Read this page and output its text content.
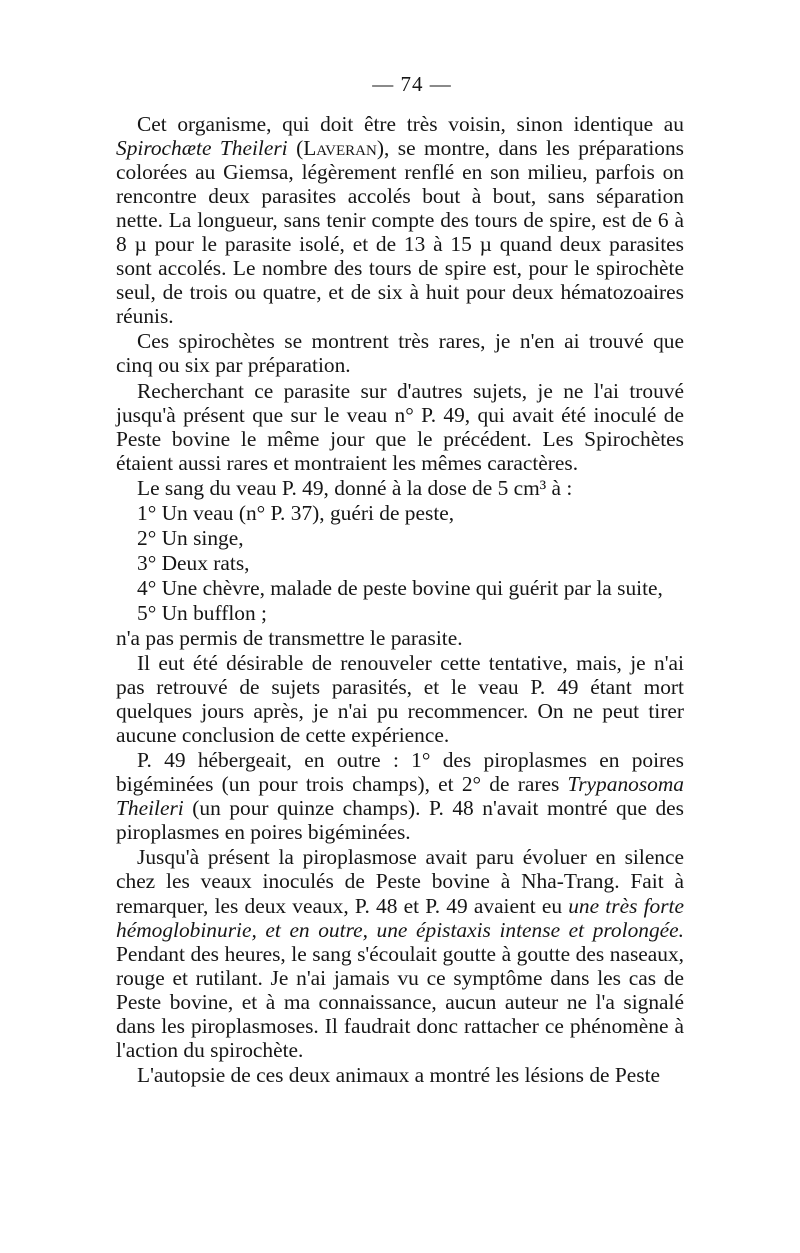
— 74 —

Cet organisme, qui doit être très voisin, sinon identique au Spirochæte Theileri (Laveran), se montre, dans les préparations colorées au Giemsa, légèrement renflé en son milieu, parfois on rencontre deux parasites accolés bout à bout, sans séparation nette. La longueur, sans tenir compte des tours de spire, est de 6 à 8 µ pour le parasite isolé, et de 13 à 15 µ quand deux parasites sont accolés. Le nombre des tours de spire est, pour le spirochète seul, de trois ou quatre, et de six à huit pour deux hématozoaires réunis.

Ces spirochètes se montrent très rares, je n'en ai trouvé que cinq ou six par préparation.

Recherchant ce parasite sur d'autres sujets, je ne l'ai trouvé jusqu'à présent que sur le veau n° P. 49, qui avait été inoculé de Peste bovine le même jour que le précédent. Les Spirochètes étaient aussi rares et montraient les mêmes caractères.

Le sang du veau P. 49, donné à la dose de 5 cm³ à :

1° Un veau (n° P. 37), guéri de peste,

2° Un singe,

3° Deux rats,

4° Une chèvre, malade de peste bovine qui guérit par la suite,

5° Un bufflon ;

n'a pas permis de transmettre le parasite.

Il eut été désirable de renouveler cette tentative, mais, je n'ai pas retrouvé de sujets parasités, et le veau P. 49 étant mort quelques jours après, je n'ai pu recommencer. On ne peut tirer aucune conclusion de cette expérience.

P. 49 hébergeait, en outre : 1° des piroplasmes en poires bigéminées (un pour trois champs), et 2° de rares Trypanosoma Theileri (un pour quinze champs). P. 48 n'avait montré que des piroplasmes en poires bigéminées.

Jusqu'à présent la piroplasmose avait paru évoluer en silence chez les veaux inoculés de Peste bovine à Nha-Trang. Fait à remarquer, les deux veaux, P. 48 et P. 49 avaient eu une très forte hémoglobinurie, et en outre, une épistaxis intense et prolongée. Pendant des heures, le sang s'écoulait goutte à goutte des naseaux, rouge et rutilant. Je n'ai jamais vu ce symptôme dans les cas de Peste bovine, et à ma connaissance, aucun auteur ne l'a signalé dans les piroplasmoses. Il faudrait donc rattacher ce phénomène à l'action du spirochète.

L'autopsie de ces deux animaux a montré les lésions de Peste
